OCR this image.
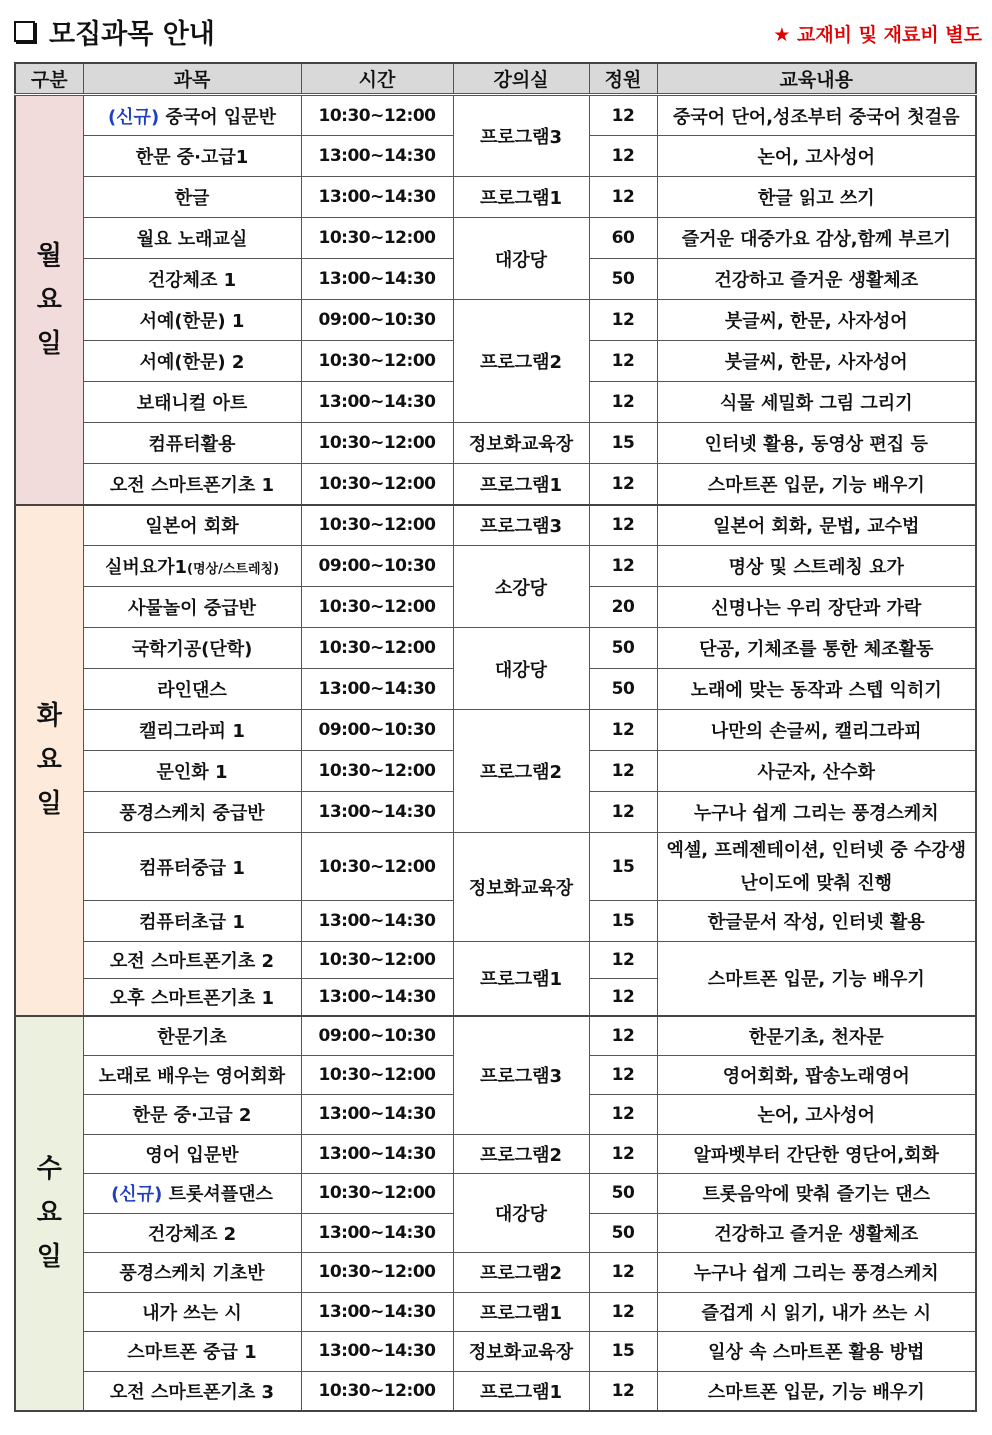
모집과목 안내	★ 교재비 및 재료비 별도
구분	과목	시간	강의실	정원	교육내용

월요일	(신규) 중국어 입문반	10:30~12:00	프로그램3	12	중국어 단어,성조부터 중국어 첫걸음
	한문 중·고급1	13:00~14:30		12	논어, 고사성어
	한글	13:00~14:30	프로그램1	12	한글 읽고 쓰기
	월요 노래교실	10:30~12:00	대강당	60	즐거운 대중가요 감상,함께 부르기
	건강체조 1	13:00~14:30		50	건강하고 즐거운 생활체조
	서예(한문) 1	09:00~10:30	프로그램2	12	붓글씨, 한문, 사자성어
	서예(한문) 2	10:30~12:00		12	붓글씨, 한문, 사자성어
	보태니컬 아트	13:00~14:30		12	식물 세밀화 그림 그리기
	컴퓨터활용	10:30~12:00	정보화교육장	15	인터넷 활용, 동영상 편집 등
	오전 스마트폰기초 1	10:30~12:00	프로그램1	12	스마트폰 입문, 기능 배우기

화요일	일본어 회화	10:30~12:00	프로그램3	12	일본어 회화, 문법, 교수법
	실버요가1(명상/스트레칭)	09:00~10:30	소강당	12	명상 및 스트레칭 요가
	사물놀이 중급반	10:30~12:00		20	신명나는 우리 장단과 가락
	국학기공(단학)	10:30~12:00	대강당	50	단공, 기체조를 통한 체조활동
	라인댄스	13:00~14:30		50	노래에 맞는 동작과 스텝 익히기
	캘리그라피 1	09:00~10:30	프로그램2	12	나만의 손글씨, 캘리그라피
	문인화 1	10:30~12:00		12	사군자, 산수화
	풍경스케치 중급반	13:00~14:30		12	누구나 쉽게 그리는 풍경스케치
	컴퓨터중급 1	10:30~12:00	정보화교육장	15	엑셀, 프레젠테이션, 인터넷 중 수강생 난이도에 맞춰 진행
	컴퓨터초급 1	13:00~14:30		15	한글문서 작성, 인터넷 활용
	오전 스마트폰기초 2	10:30~12:00	프로그램1	12	스마트폰 입문, 기능 배우기
	오후 스마트폰기초 1	13:00~14:30		12	

수요일	한문기초	09:00~10:30	프로그램3	12	한문기초, 천자문
	노래로 배우는 영어회화	10:30~12:00		12	영어회화, 팝송노래영어
	한문 중·고급 2	13:00~14:30		12	논어, 고사성어
	영어 입문반	13:00~14:30	프로그램2	12	알파벳부터 간단한 영단어,회화
	(신규) 트롯셔플댄스	10:30~12:00	대강당	50	트롯음악에 맞춰 즐기는 댄스
	건강체조 2	13:00~14:30		50	건강하고 즐거운 생활체조
	풍경스케치 기초반	10:30~12:00	프로그램2	12	누구나 쉽게 그리는 풍경스케치
	내가 쓰는 시	13:00~14:30	프로그램1	12	즐겁게 시 읽기, 내가 쓰는 시
	스마트폰 중급 1	13:00~14:30	정보화교육장	15	일상 속 스마트폰 활용 방법
	오전 스마트폰기초 3	10:30~12:00	프로그램1	12	스마트폰 입문, 기능 배우기
